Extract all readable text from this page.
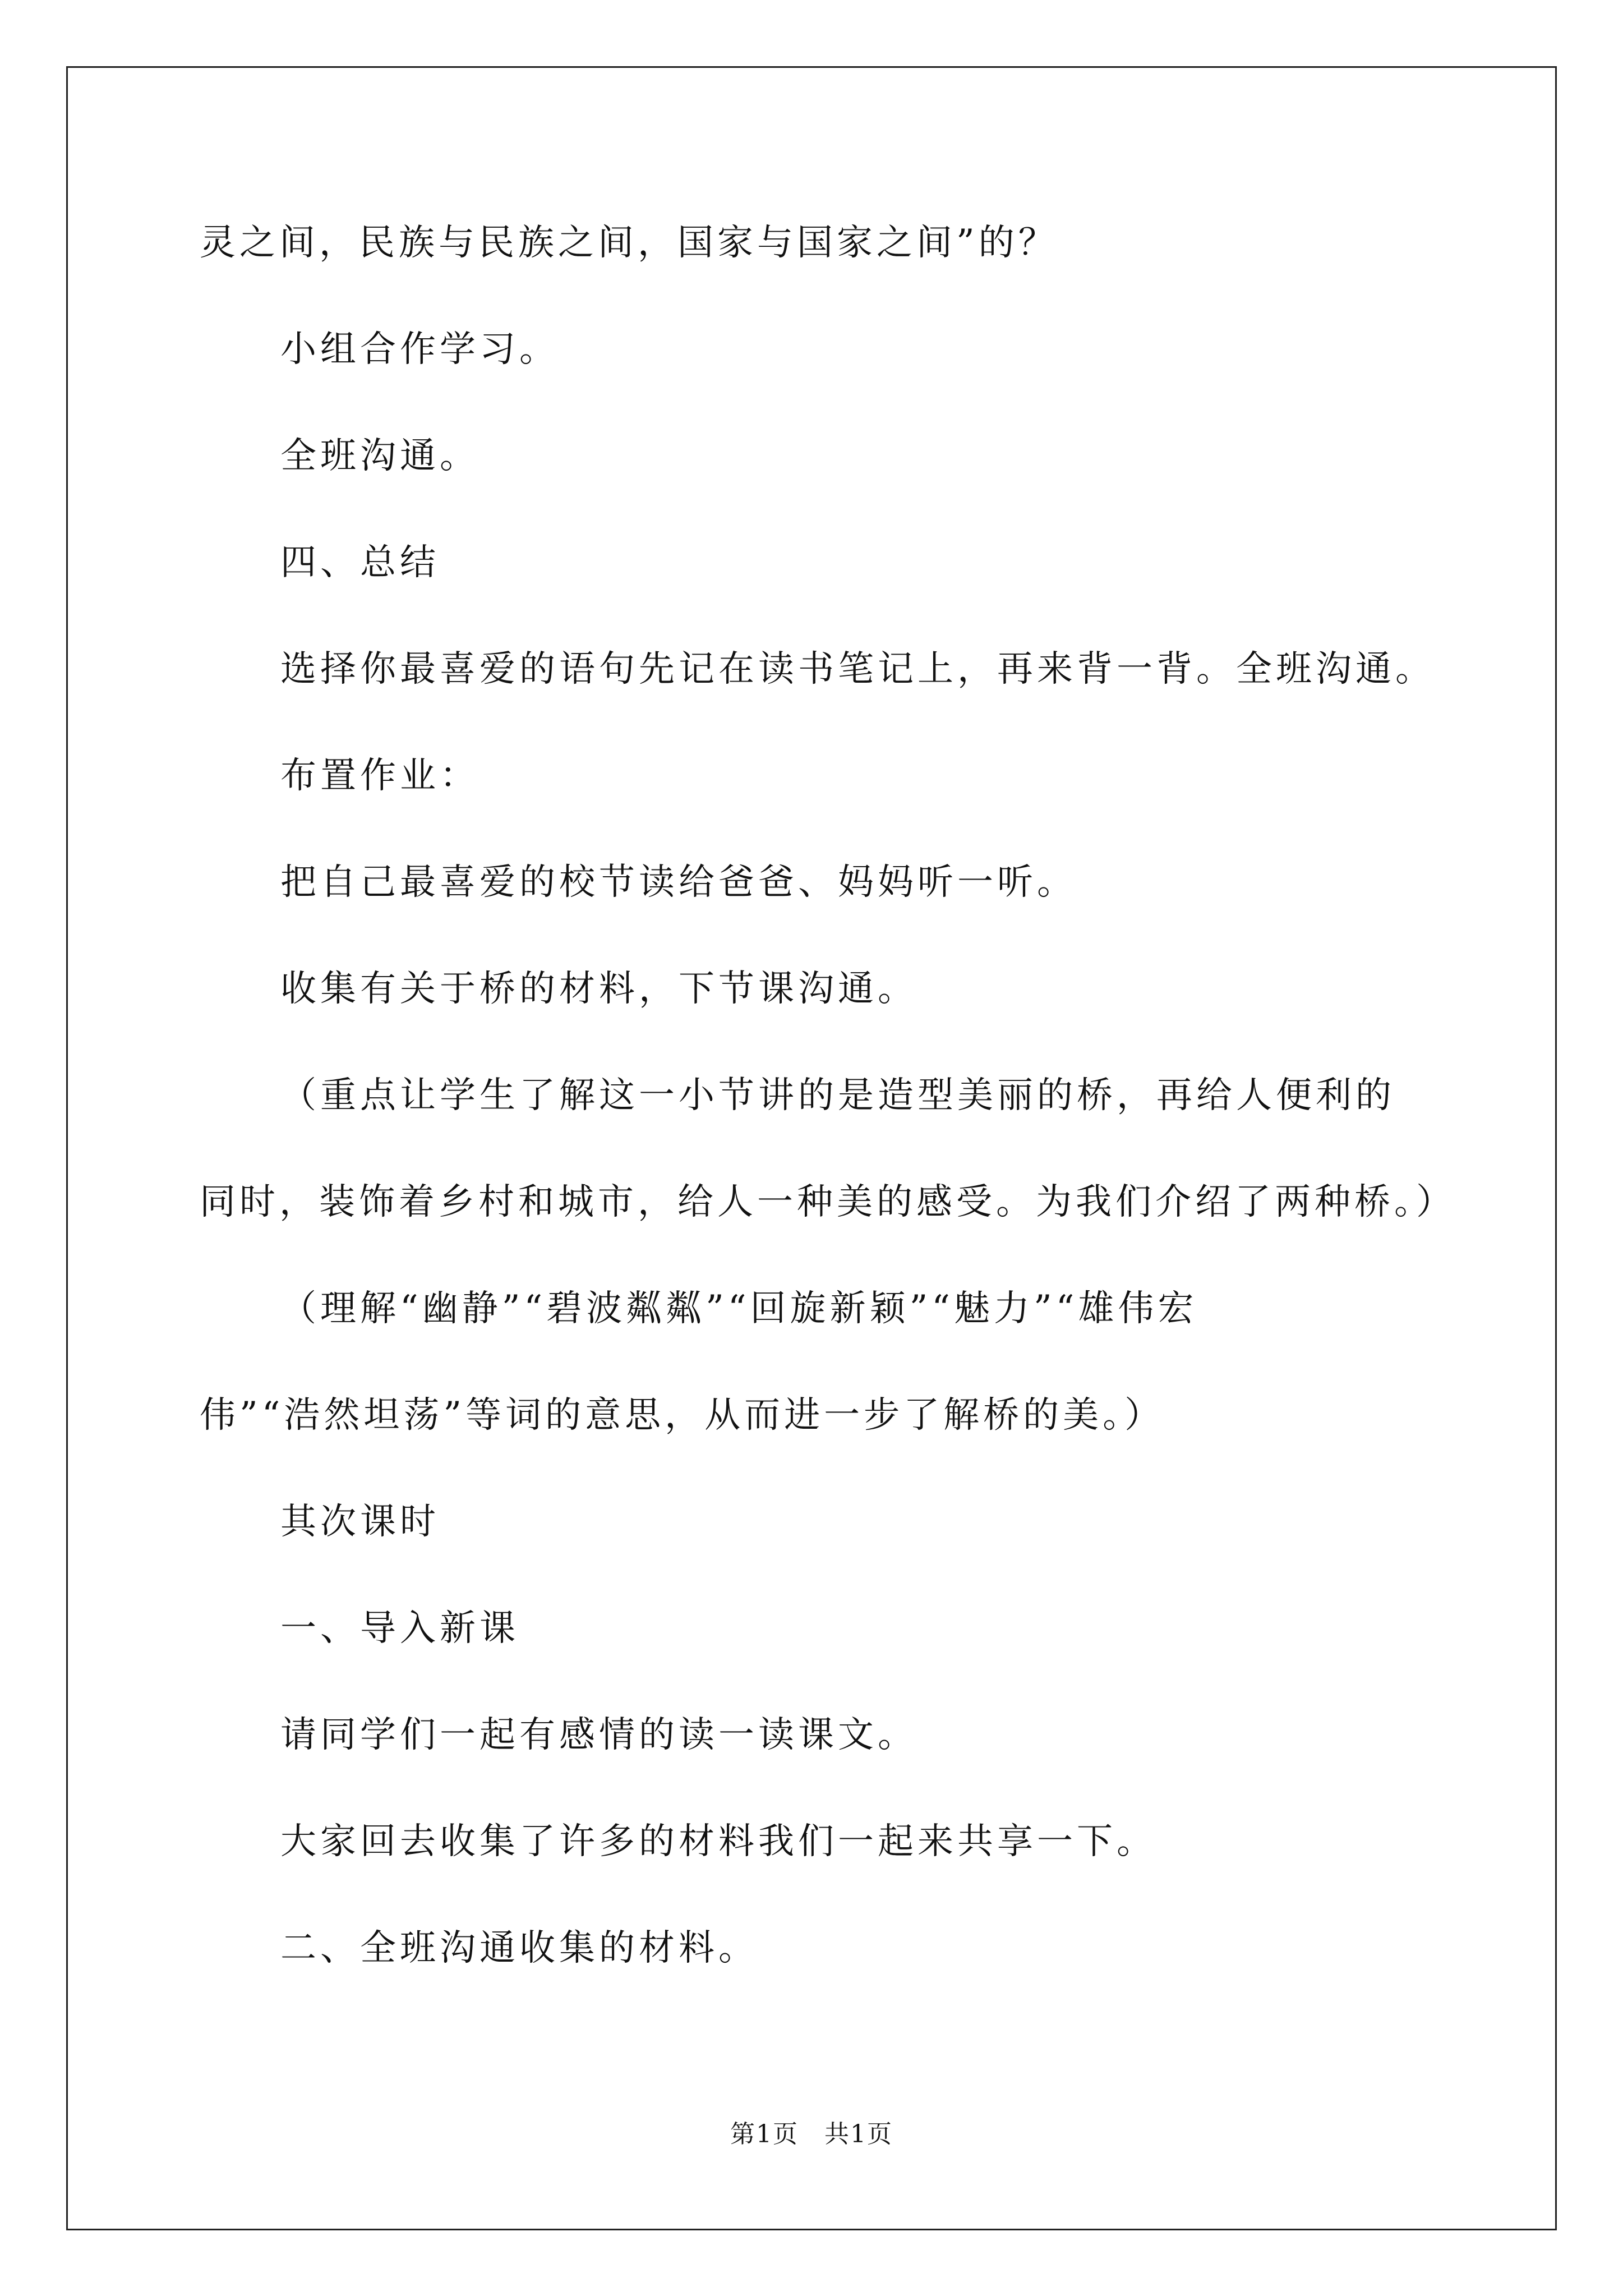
灵之间，民族与民族之间，国家与国家之间”的？

小组合作学习。

全班沟通。

四、总结

选择你最喜爱的语句先记在读书笔记上，再来背一背。全班沟通。

布置作业：

把自己最喜爱的校节读给爸爸、妈妈听一听。

收集有关于桥的材料，下节课沟通。

（重点让学生了解这一小节讲的是造型美丽的桥，再给人便利的
同时，装饰着乡村和城市，给人一种美的感受。为我们介绍了两种桥。）
（理解“幽静”“碧波粼粼”“回旋新颖”“魅力”“雄伟宏
伟”“浩然坦荡”等词的意思，从而进一步了解桥的美。）

其次课时

一、导入新课

请同学们一起有感情的读一读课文。

大家回去收集了许多的材料我们一起来共享一下。

二、全班沟通收集的材料。

第1页　共1页
